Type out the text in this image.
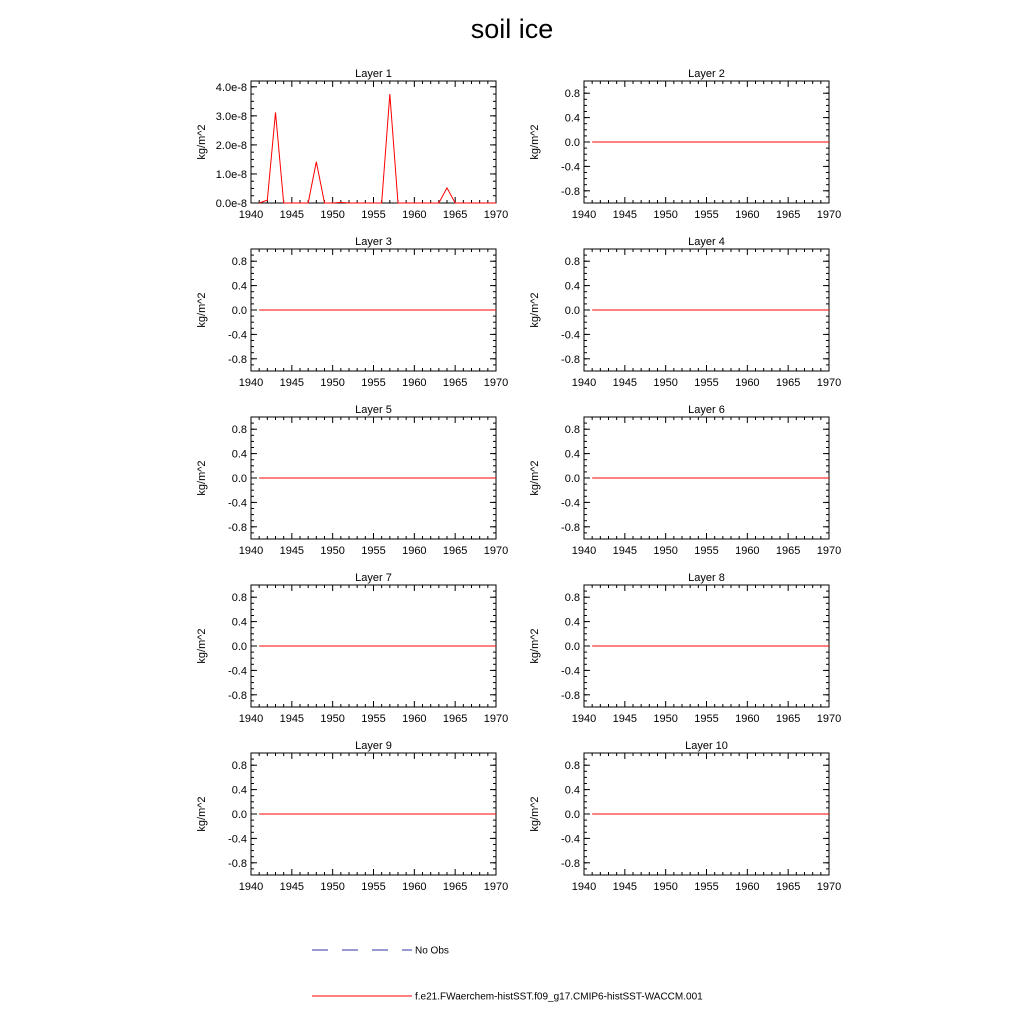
soil ice
Layer 1
kg/m^2
1940 1945 1950 1955 1960 1965 1970
0.0e-8
1.0e-8
2.0e-8
3.0e-8
4.0e-8
Layer 2
kg/m^2
1940 1945 1950 1955 1960 1965 1970
-0.8
-0.4
0.0
0.4
0.8
Layer 3
kg/m^2
1940 1945 1950 1955 1960 1965 1970
-0.8
-0.4
0.0
0.4
0.8
Layer 4
kg/m^2
1940 1945 1950 1955 1960 1965 1970
-0.8
-0.4
0.0
0.4
0.8
Layer 5
kg/m^2
1940 1945 1950 1955 1960 1965 1970
-0.8
-0.4
0.0
0.4
0.8
Layer 6
kg/m^2
1940 1945 1950 1955 1960 1965 1970
-0.8
-0.4
0.0
0.4
0.8
Layer 7
kg/m^2
1940 1945 1950 1955 1960 1965 1970
-0.8
-0.4
0.0
0.4
0.8
Layer 8
kg/m^2
1940 1945 1950 1955 1960 1965 1970
-0.8
-0.4
0.0
0.4
0.8
Layer 9
kg/m^2
1940 1945 1950 1955 1960 1965 1970
-0.8
-0.4
0.0
0.4
0.8
Layer 10
kg/m^2
1940 1945 1950 1955 1960 1965 1970
-0.8
-0.4
0.0
0.4
0.8
No Obs
f.e21.FWaerchem-histSST.f09_g17.CMIP6-histSST-WACCM.001
